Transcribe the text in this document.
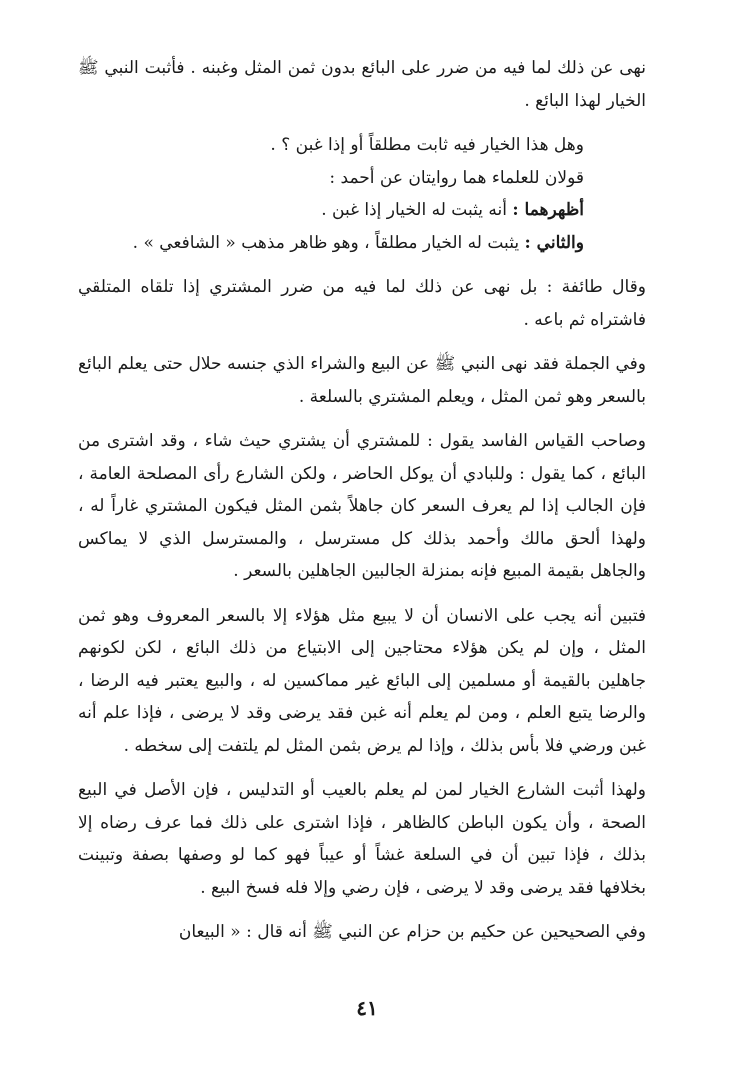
نهى عن ذلك لما فيه من ضرر على البائع بدون ثمن المثل وغبنه . فأثبت النبي ﷺ الخيار لهذا البائع .

وهل هذا الخيار فيه ثابت مطلقاً أو إذا غبن ؟ .

قولان للعلماء هما روايتان عن أحمد :

أظهرهما : أنه يثبت له الخيار إذا غبن .

والثاني : يثبت له الخيار مطلقاً ، وهو ظاهر مذهب « الشافعي » .

وقال طائفة : بل نهى عن ذلك لما فيه من ضرر المشتري إذا تلقاه المتلقي فاشتراه ثم باعه .

وفي الجملة فقد نهى النبي ﷺ عن البيع والشراء الذي جنسه حلال حتى يعلم البائع بالسعر وهو ثمن المثل ، ويعلم المشتري بالسلعة .

وصاحب القياس الفاسد يقول : للمشتري أن يشتري حيث شاء ، وقد اشترى من البائع ، كما يقول : وللبادي أن يوكل الحاضر ، ولكن الشارع رأى المصلحة العامة ، فإن الجالب إذا لم يعرف السعر كان جاهلاً بثمن المثل فيكون المشتري غاراً له ، ولهذا ألحق مالك وأحمد بذلك كل مسترسل ، والمسترسل الذي لا يماكس والجاهل بقيمة المبيع فإنه بمنزلة الجالبين الجاهلين بالسعر .

فتبين أنه يجب على الانسان أن لا يبيع مثل هؤلاء إلا بالسعر المعروف وهو ثمن المثل ، وإن لم يكن هؤلاء محتاجين إلى الابتياع من ذلك البائع ، لكن لكونهم جاهلين بالقيمة أو مسلمين إلى البائع غير مماكسين له ، والبيع يعتبر فيه الرضا ، والرضا يتبع العلم ، ومن لم يعلم أنه غبن فقد يرضى وقد لا يرضى ، فإذا علم أنه غبن ورضي فلا بأس بذلك ، وإذا لم يرض بثمن المثل لم يلتفت إلى سخطه .

ولهذا أثبت الشارع الخيار لمن لم يعلم بالعيب أو التدليس ، فإن الأصل في البيع الصحة ، وأن يكون الباطن كالظاهر ، فإذا اشترى على ذلك فما عرف رضاه إلا بذلك ، فإذا تبين أن في السلعة غشاً أو عيباً فهو كما لو وصفها بصفة وتبينت بخلافها فقد يرضى وقد لا يرضى ، فإن رضي وإلا فله فسخ البيع .

وفي الصحيحين عن حكيم بن حزام عن النبي ﷺ أنه قال : « البيعان

٤١
